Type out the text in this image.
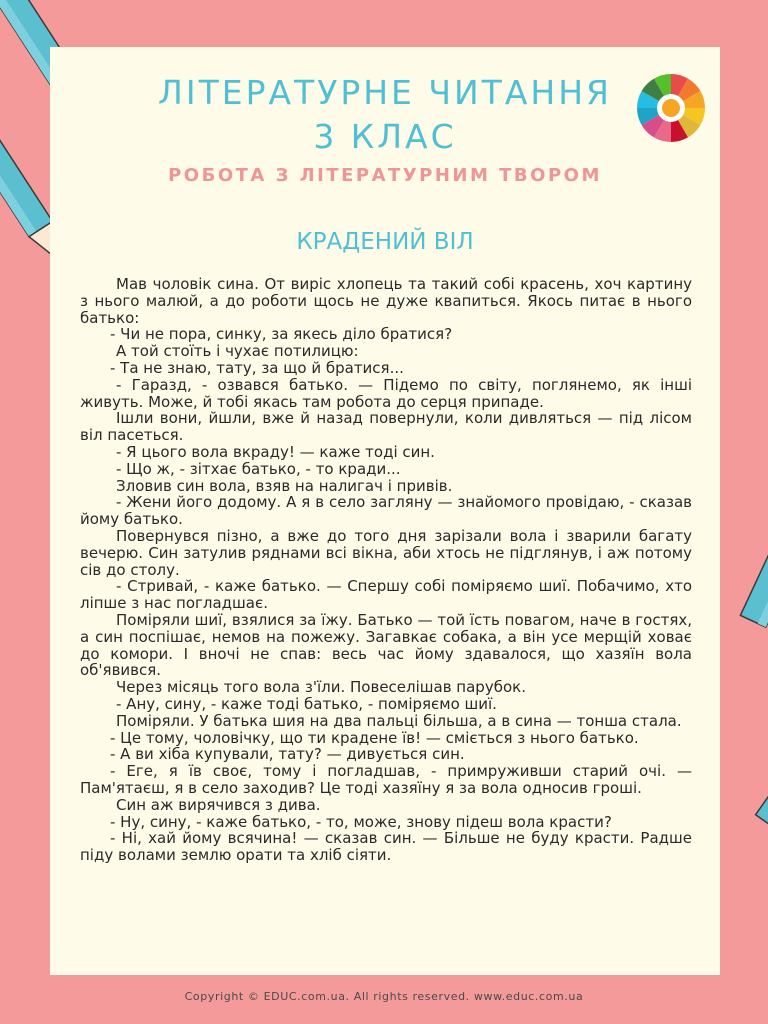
ЛІТЕРАТУРНЕ ЧИТАННЯ
3 КЛАС
РОБОТА З ЛІТЕРАТУРНИМ ТВОРОМ
КРАДЕНИЙ ВІЛ

Мав чоловік сина. От виріс хлопець та такий собі красень, хоч картину з нього малюй, а до роботи щось не дуже квапиться. Якось питає в нього батько:

- Чи не пора, синку, за якесь діло братися?

А той стоїть і чухає потилицю:

- Та не знаю, тату, за що й братися...

- Гаразд, - озвався батько. — Підемо по світу, поглянемо, як інші живуть. Може, й тобі якась там робота до серця припаде.

Ішли вони, йшли, вже й назад повернули, коли дивляться — під лісом віл пасеться.

- Я цього вола вкраду! — каже тоді син.

- Що ж, - зітхає батько, - то кради...

Зловив син вола, взяв на налигач і привів.

- Жени його додому. А я в село загляну — знайомого провідаю, - сказав йому батько.

Повернувся пізно, а вже до того дня зарізали вола і зварили багату вечерю. Син затулив ряднами всі вікна, аби хтось не підглянув, і аж потому сів до столу.

- Стривай, - каже батько. — Спершу собі поміряємо шиї. Побачимо, хто ліпше з нас погладшає.

Поміряли шиї, взялися за їжу. Батько — той їсть повагом, наче в гостях, а син поспішає, немов на пожежу. Загавкає собака, а він усе мерщій ховає до комори. І вночі не спав: весь час йому здавалося, що хазяїн вола об'явився.

Через місяць того вола з'їли. Повеселішав парубок.

- Ану, сину, - каже тоді батько, - поміряємо шиї.

Поміряли. У батька шия на два пальці більша, а в сина — тонша стала.

- Це тому, чоловічку, що ти крадене їв! — сміється з нього батько.

- А ви хіба купували, тату? — дивується син.

- Еге, я їв своє, тому і погладшав, - примруживши старий очі. — Пам'ятаєш, я в село заходив? Це тоді хазяїну я за вола односив гроші.

Син аж вирячився з дива.

- Ну, сину, - каже батько, - то, може, знову підеш вола красти?

- Ні, хай йому всячина! — сказав син. — Більше не буду красти. Радше піду волами землю орати та хліб сіяти.

Copyright © EDUC.com.ua. All rights reserved. www.educ.com.ua
